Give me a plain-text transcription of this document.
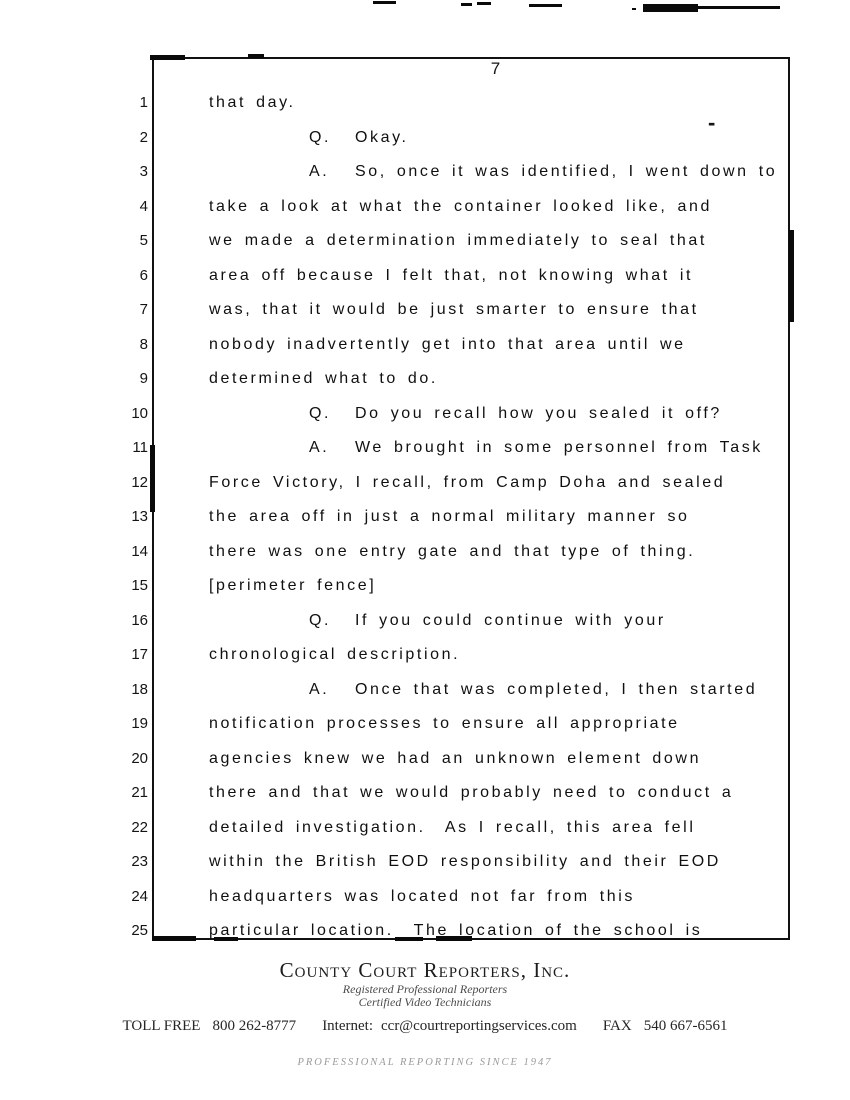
7
1
2
3
4
5
6
7
8
9
10
11
12
13
14
15
16
17
18
19
20
21
22
23
24
25
that day.
Q. Okay.
A. So, once it was identified, I went down to
take a look at what the container looked like, and
we made a determination immediately to seal that
area off because I felt that, not knowing what it
was, that it would be just smarter to ensure that
nobody inadvertently get into that area until we
determined what to do.
Q. Do you recall how you sealed it off?
A. We brought in some personnel from Task
Force Victory, I recall, from Camp Doha and sealed
the area off in just a normal military manner so
there was one entry gate and that type of thing.
[perimeter fence]
Q. If you could continue with your
chronological description.
A. Once that was completed, I then started
notification processes to ensure all appropriate
agencies knew we had an unknown element down
there and that we would probably need to conduct a
detailed investigation.  As I recall, this area fell
within the British EOD responsibility and their EOD
headquarters was located not far from this
particular location.  The location of the school is
-
County Court Reporters, Inc.
Registered Professional Reporters
Certified Video Technicians
TOLL FREE 800 262-8777 Internet: ccr@courtreportingservices.com FAX 540 667-6561
PROFESSIONAL REPORTING SINCE 1947
